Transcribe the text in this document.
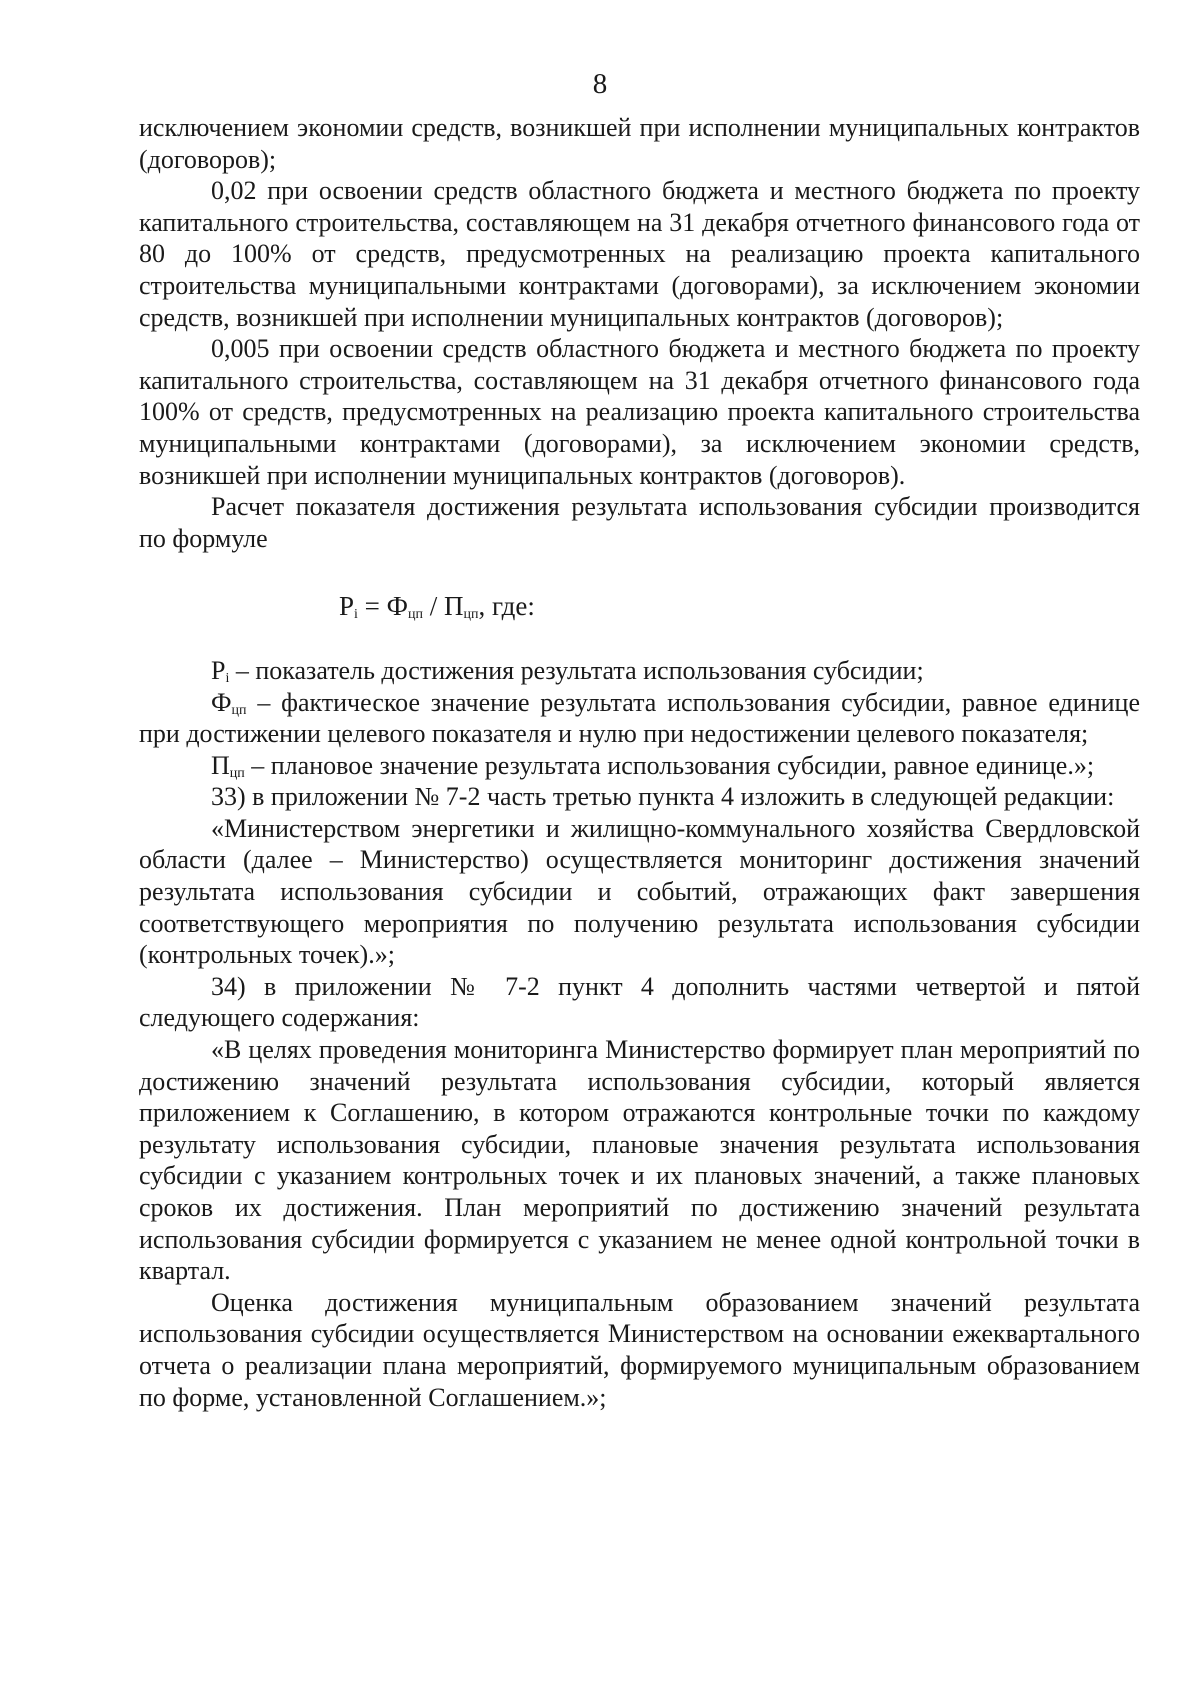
8

исключением экономии средств, возникшей при исполнении муниципальных контрактов (договоров);

0,02 при освоении средств областного бюджета и местного бюджета по проекту капитального строительства, составляющем на 31 декабря отчетного финансового года от 80 до 100% от средств, предусмотренных на реализацию проекта капитального строительства муниципальными контрактами (договорами), за исключением экономии средств, возникшей при исполнении муниципальных контрактов (договоров);

0,005 при освоении средств областного бюджета и местного бюджета по проекту капитального строительства, составляющем на 31 декабря отчетного финансового года 100% от средств, предусмотренных на реализацию проекта капитального строительства муниципальными контрактами (договорами), за исключением экономии средств, возникшей при исполнении муниципальных контрактов (договоров).

Расчет показателя достижения результата использования субсидии производится по формуле

$P_i = Ф_{цп} / П_{цп}$, где:

$P_i$ – показатель достижения результата использования субсидии;

$Ф_{цп}$ – фактическое значение результата использования субсидии, равное единице при достижении целевого показателя и нулю при недостижении целевого показателя;

$П_{цп}$ – плановое значение результата использования субсидии, равное единице.»;

33) в приложении № 7-2 часть третью пункта 4 изложить в следующей редакции:

«Министерством энергетики и жилищно-коммунального хозяйства Свердловской области (далее – Министерство) осуществляется мониторинг достижения значений результата использования субсидии и событий, отражающих факт завершения соответствующего мероприятия по получению результата использования субсидии (контрольных точек).»;

34) в приложении № 7-2 пункт 4 дополнить частями четвертой и пятой следующего содержания:

«В целях проведения мониторинга Министерство формирует план мероприятий по достижению значений результата использования субсидии, который является приложением к Соглашению, в котором отражаются контрольные точки по каждому результату использования субсидии, плановые значения результата использования субсидии с указанием контрольных точек и их плановых значений, а также плановых сроков их достижения. План мероприятий по достижению значений результата использования субсидии формируется с указанием не менее одной контрольной точки в квартал.

Оценка достижения муниципальным образованием значений результата использования субсидии осуществляется Министерством на основании ежеквартального отчета о реализации плана мероприятий, формируемого муниципальным образованием по форме, установленной Соглашением.»;
